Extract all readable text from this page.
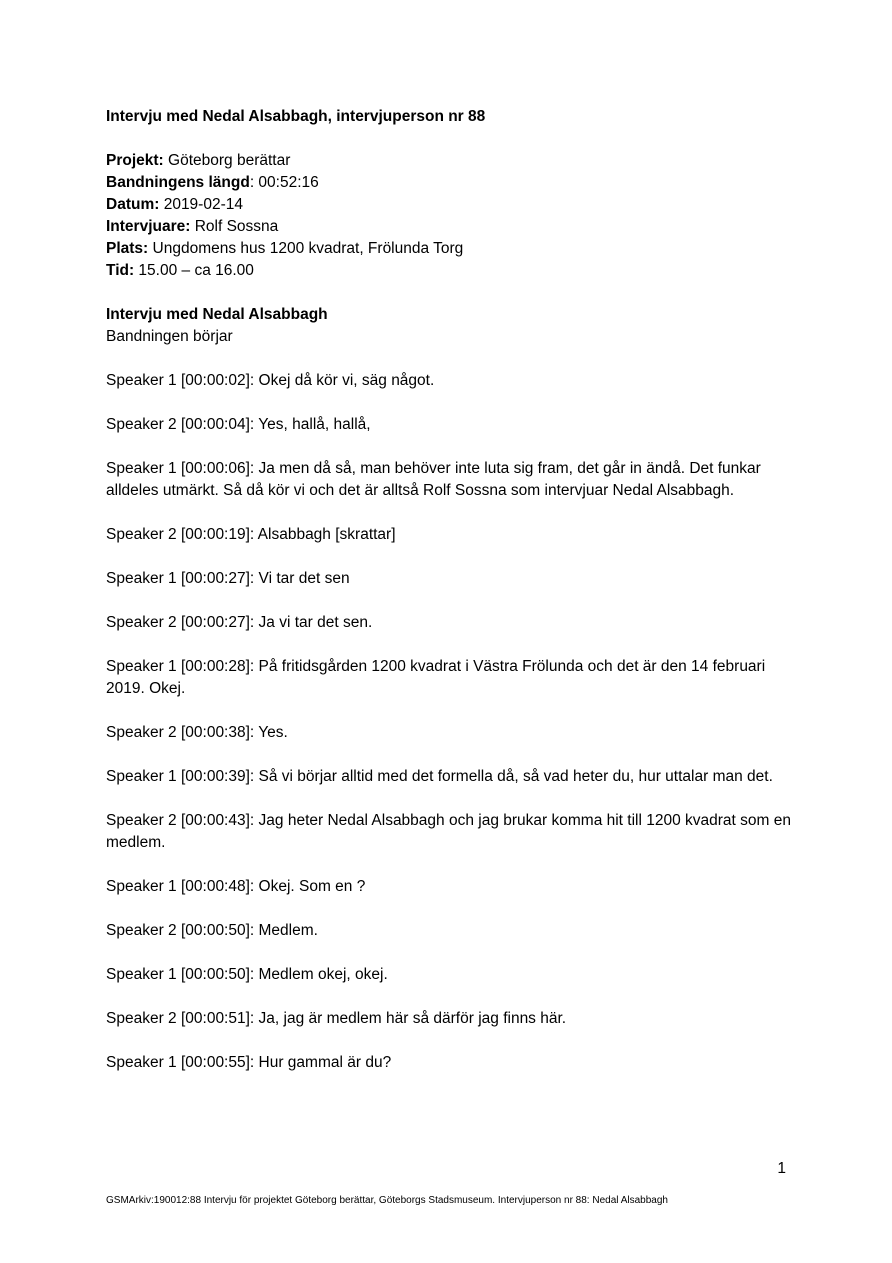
Intervju med Nedal Alsabbagh, intervjuperson nr 88

Projekt: Göteborg berättar
Bandningens längd: 00:52:16
Datum: 2019-02-14
Intervjuare: Rolf Sossna
Plats: Ungdomens hus 1200 kvadrat, Frölunda Torg
Tid: 15.00 – ca 16.00
Intervju med Nedal Alsabbagh

Bandningen börjar

Speaker 1 [00:00:02]: Okej då kör vi, säg något.

Speaker 2 [00:00:04]: Yes, hallå, hallå,

Speaker 1 [00:00:06]: Ja men då så, man behöver inte luta sig fram, det går in ändå. Det funkar alldeles utmärkt. Så då kör vi och det är alltså Rolf Sossna som intervjuar Nedal Alsabbagh.

Speaker 2 [00:00:19]: Alsabbagh [skrattar]

Speaker 1 [00:00:27]: Vi tar det sen

Speaker 2 [00:00:27]: Ja vi tar det sen.

Speaker 1 [00:00:28]: På fritidsgården 1200 kvadrat i Västra Frölunda och det är den 14 februari 2019. Okej.

Speaker 2 [00:00:38]: Yes.

Speaker 1 [00:00:39]: Så vi börjar alltid med det formella då, så vad heter du, hur uttalar man det.

Speaker 2 [00:00:43]: Jag heter Nedal Alsabbagh och jag brukar komma hit till 1200 kvadrat som en medlem.

Speaker 1 [00:00:48]: Okej. Som en ?

Speaker 2 [00:00:50]: Medlem.

Speaker 1 [00:00:50]: Medlem okej, okej.

Speaker 2 [00:00:51]: Ja, jag är medlem här så därför jag finns här.

Speaker 1 [00:00:55]: Hur gammal är du?

1
GSMArkiv:190012:88 Intervju för projektet Göteborg berättar, Göteborgs Stadsmuseum. Intervjuperson nr 88: Nedal Alsabbagh
